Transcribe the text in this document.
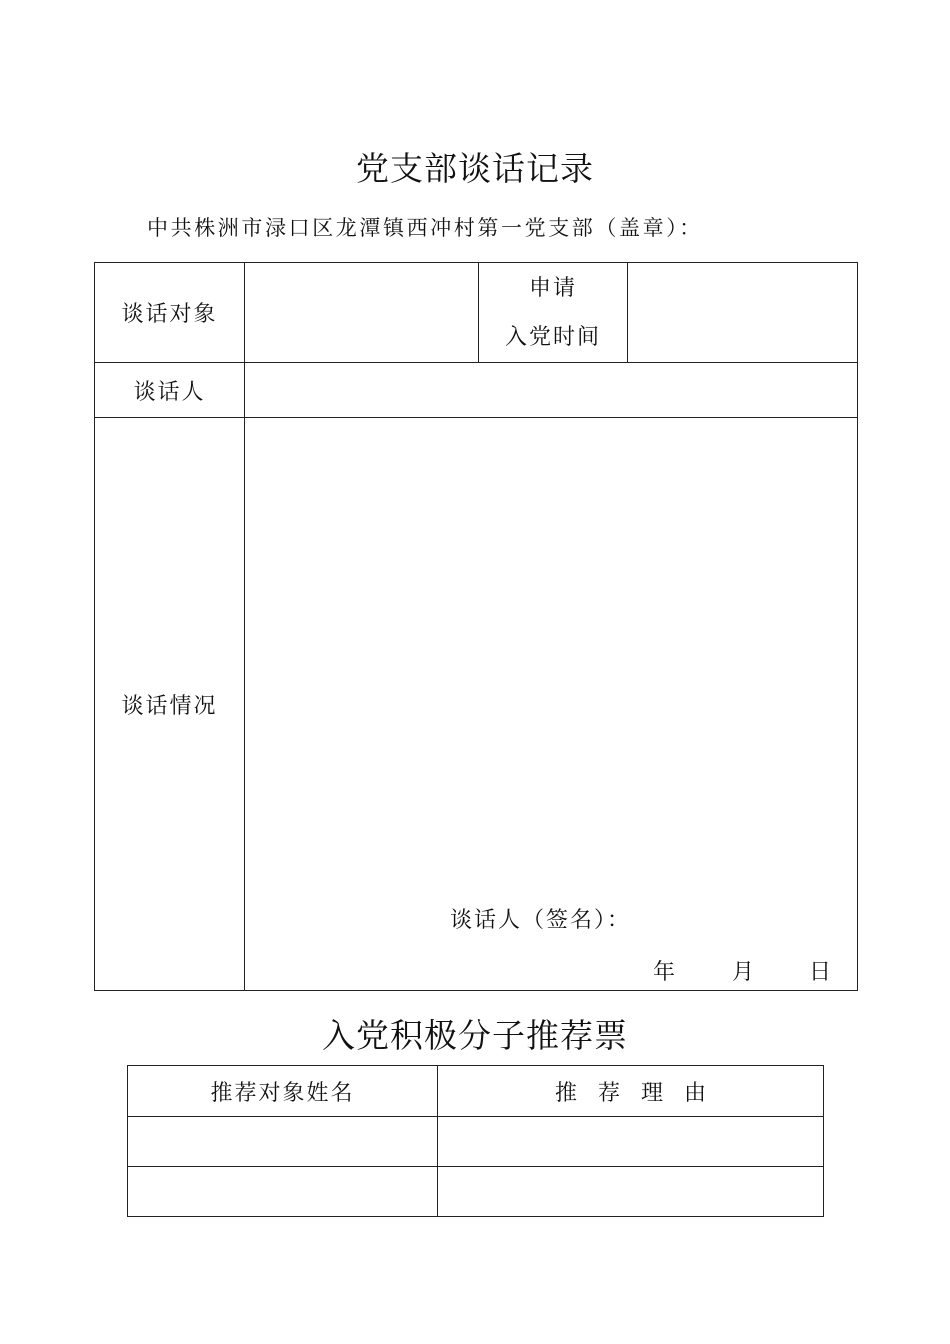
党支部谈话记录
中共株洲市渌口区龙潭镇西冲村第一党支部（盖章）：
谈话对象		申请
入党时间	

谈话人			
谈话情况	谈话人（签名）：
年 月 日		
入党积极分子推荐票
推荐对象姓名	推荐理由
